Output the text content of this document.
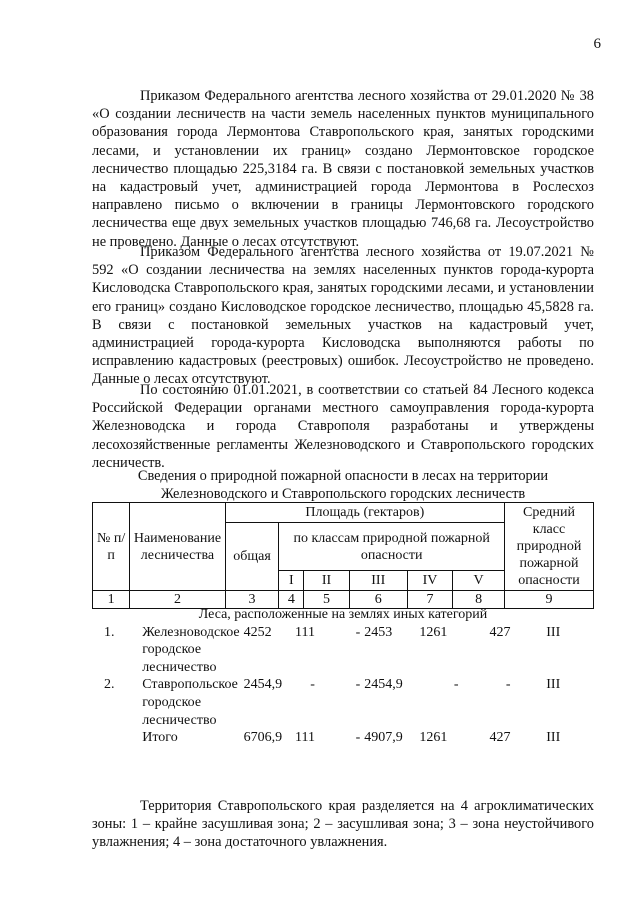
6

Приказом Федерального агентства лесного хозяйства от 29.01.2020 № 38 «О создании лесничеств на части земель населенных пунктов муниципального образования города Лермонтова Ставропольского края, занятых городскими лесами, и установлении их границ» создано Лермонтовское городское лесничество площадью 225,3184 га. В связи с постановкой земельных участков на кадастровый учет, администрацией города Лермонтова в Рослесхоз направлено письмо о включении в границы Лермонтовского городского лесничества еще двух земельных участков площадью 746,68 га. Лесоустройство не проведено. Данные о лесах отсутствуют.

Приказом Федерального агентства лесного хозяйства от 19.07.2021 № 592 «О создании лесничества на землях населенных пунктов города-курорта Кисловодска Ставропольского края, занятых городскими лесами, и установлении его границ» создано Кисловодское городское лесничество, площадью 45,5828 га. В связи с постановкой земельных участков на кадастровый учет, администрацией города-курорта Кисловодска выполняются работы по исправлению кадастровых (реестровых) ошибок. Лесоустройство не проведено. Данные о лесах отсутствуют.

По состоянию 01.01.2021, в соответствии со статьей 84 Лесного кодекса Российской Федерации органами местного самоуправления города-курорта Железноводска и города Ставрополя разработаны и утверждены лесохозяйственные регламенты Железноводского и Ставропольского городских лесничеств.

Сведения о природной пожарной опасности в лесах на территории Железноводского и Ставропольского городских лесничеств
№ п/п	Наименование лесничества	Площадь (гектаров)						Средний класс природной пожарной опасности
		общая	по классам природной пожарной опасности					
			I	II	III	IV	V	
1	2	3	4	5	6	7	8	9
Леса, расположенные на землях иных категорий								
1.	Железноводское городское лесничество	4252	111	-	2453	1261	427	III
2.	Ставропольское городское лесничество	2454,9	-	-	2454,9	-	-	III
	Итого	6706,9	111	-	4907,9	1261	427	III

Территория Ставропольского края разделяется на 4 агроклиматических зоны: 1 – крайне засушливая зона; 2 – засушливая зона; 3 – зона неустойчивого увлажнения; 4 – зона достаточного увлажнения.
